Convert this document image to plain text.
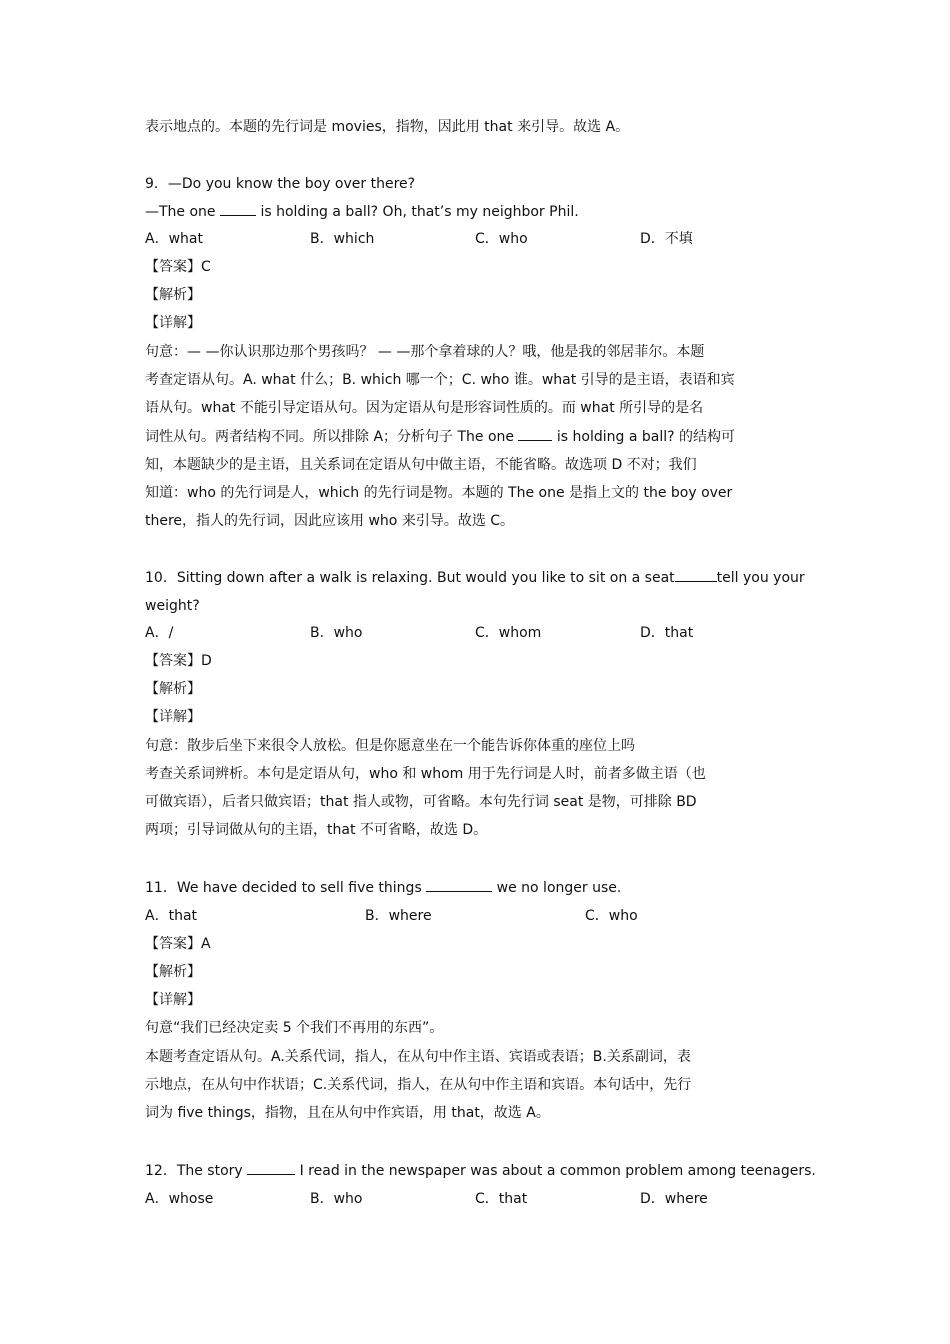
表示地点的。本题的先行词是 movies，指物，因此用 that 来引导。故选 A。
9．—Do you know the boy over there?
—The one	is holding a ball? Oh, that’s my neighbor Phil.
A．what	B．which	C．who	D．不填
【答案】C
【解析】
【详解】
句意：— —你认识那边那个男孩吗？ — —那个拿着球的人？哦，他是我的邻居菲尔。本题
考查定语从句。A. what 什么；B. which 哪一个；C. who 谁。what 引导的是主语，表语和宾
语从句。what 不能引导定语从句。因为定语从句是形容词性质的。而 what 所引导的是名
词性从句。两者结构不同。所以排除 A；分析句子 The one  is holding a ball? 的结构可
知，本题缺少的是主语，且关系词在定语从句中做主语，不能省略。故选项 D 不对；我们
知道：who 的先行词是人，which 的先行词是物。本题的 The one 是指上文的 the boy over
there，指人的先行词，因此应该用 who 来引导。故选 C。
10．Sitting down after a walk is relaxing. But would you like to sit on a seat	tell you your
weight?
A．/	B．who	C．whom	D．that
【答案】D
【解析】
【详解】
句意：散步后坐下来很令人放松。但是你愿意坐在一个能告诉你体重的座位上吗
考查关系词辨析。本句是定语从句，who 和 whom 用于先行词是人时，前者多做主语（也
可做宾语），后者只做宾语；that 指人或物，可省略。本句先行词 seat 是物，可排除 BD
两项；引导词做从句的主语，that 不可省略，故选 D。
11．We have decided to sell five things	we no longer use.
A．that	B．where	C．who
【答案】A
【解析】
【详解】
句意“我们已经决定卖 5 个我们不再用的东西”。
本题考查定语从句。A.关系代词，指人，在从句中作主语、宾语或表语；B.关系副词，表
示地点，在从句中作状语；C.关系代词，指人，在从句中作主语和宾语。本句话中，先行
词为 five things，指物，且在从句中作宾语，用 that，故选 A。
12．The story	I read in the newspaper was about a common problem among teenagers.
A．whose	B．who	C．that	D．where
